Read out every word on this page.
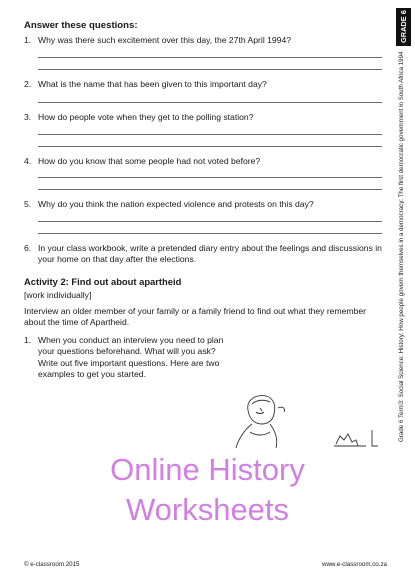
GRADE 6
Grade 6 Term3: Social Science: History: How people govern themselves in a democracy: The first democratic government in South Africa 1994
Answer these questions:
1. Why was there such excitement over this day, the 27th April 1994?
2. What is the name that has been given to this important day?
3. How do people vote when they get to the polling station?
4. How do you know that some people had not voted before?
5. Why do you think the nation expected violence and protests on this day?
6. In your class workbook, write a pretended diary entry about the feelings and discussions in your home on that day after the elections.
Activity 2: Find out about apartheid
[work individually]
Interview an older member of your family or a family friend to find out what they remember about the time of Apartheid.
1. When you conduct an interview you need to plan your questions beforehand. What will you ask? Write out five important questions. Here are two examples to get you started.
Online History
Worksheets
© e-classroom 2015	www.e-classroom.co.za
